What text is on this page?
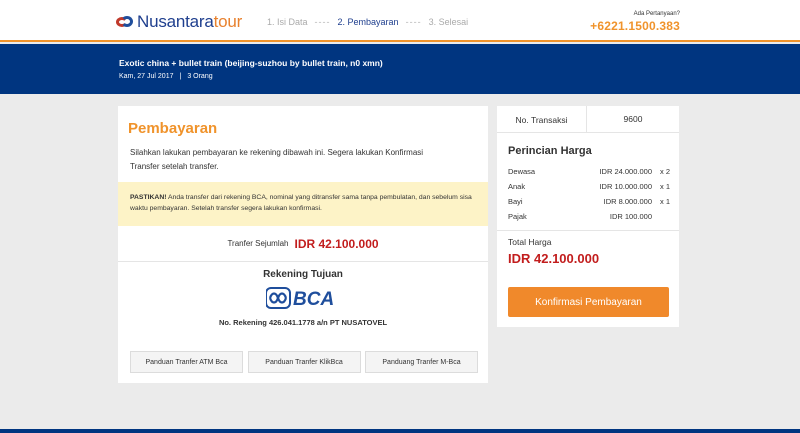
Nusantaratour	1. Isi Data ---- 2. Pembayaran ---- 3. Selesai
Ada Pertanyaan?
+6221.1500.383
Exotic china + bullet train (beijing-suzhou by bullet train, n0 xmn)
Kam, 27 Jul 2017 | 3 Orang
Pembayaran
Silahkan lakukan pembayaran ke rekening dibawah ini. Segera lakukan Konfirmasi Transfer setelah transfer.
PASTIKAN! Anda transfer dari rekening BCA, nominal yang ditransfer sama tanpa pembulatan, dan sebelum sisa waktu pembayaran. Setelah transfer segera lakukan konfirmasi.
Tranfer Sejumlah IDR 42.100.000
Rekening Tujuan
BCA
No. Rekening 426.041.1778 a/n PT NUSATOVEL
Panduan Tranfer ATM Bca	Panduan Tranfer KlikBca	Panduang Tranfer M-Bca
No. Transaksi	9600
Perincian Harga
Dewasa	IDR 24.000.000	x 2
Anak	IDR 10.000.000	x 1
Bayi	IDR 8.000.000	x 1
Pajak	IDR 100.000
Total Harga
IDR 42.100.000
Konfirmasi Pembayaran
